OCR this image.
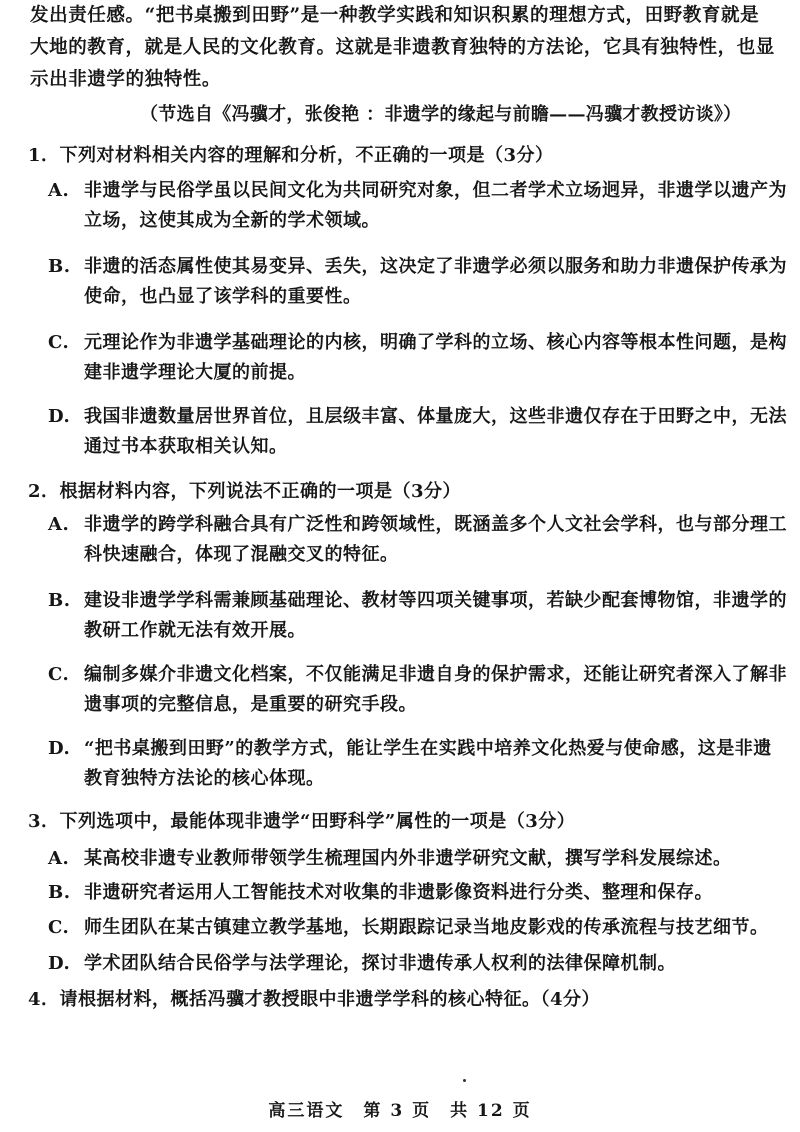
发出责任感。“把书桌搬到田野”是一种教学实践和知识积累的理想方式，田野教育就是

大地的教育，就是人民的文化教育。这就是非遗教育独特的方法论，它具有独特性，也显

示出非遗学的独特性。

（节选自《冯骥才，张俊艳 ：非遗学的缘起与前瞻——冯骥才教授访谈》）
1．下列对材料相关内容的理解和分析，不正确的一项是（3分）
A. 非遗学与民俗学虽以民间文化为共同研究对象，但二者学术立场迥异，非遗学以遗产为立场，这使其成为全新的学术领域。
B. 非遗的活态属性使其易变异、丢失，这决定了非遗学必须以服务和助力非遗保护传承为使命，也凸显了该学科的重要性。
C. 元理论作为非遗学基础理论的内核，明确了学科的立场、核心内容等根本性问题，是构建非遗学理论大厦的前提。
D. 我国非遗数量居世界首位，且层级丰富、体量庞大，这些非遗仅存在于田野之中，无法通过书本获取相关认知。
2．根据材料内容，下列说法不正确的一项是（3分）
A. 非遗学的跨学科融合具有广泛性和跨领域性，既涵盖多个人文社会学科，也与部分理工科快速融合，体现了混融交叉的特征。
B. 建设非遗学学科需兼顾基础理论、教材等四项关键事项，若缺少配套博物馆，非遗学的教研工作就无法有效开展。
C. 编制多媒介非遗文化档案，不仅能满足非遗自身的保护需求，还能让研究者深入了解非遗事项的完整信息，是重要的研究手段。
D. “把书桌搬到田野”的教学方式，能让学生在实践中培养文化热爱与使命感，这是非遗教育独特方法论的核心体现。
3．下列选项中，最能体现非遗学“田野科学”属性的一项是（3分）
A. 某高校非遗专业教师带领学生梳理国内外非遗学研究文献，撰写学科发展综述。
B. 非遗研究者运用人工智能技术对收集的非遗影像资料进行分类、整理和保存。
C. 师生团队在某古镇建立教学基地，长期跟踪记录当地皮影戏的传承流程与技艺细节。
D. 学术团队结合民俗学与法学理论，探讨非遗传承人权利的法律保障机制。
4．请根据材料，概括冯骥才教授眼中非遗学学科的核心特征。（4分）
高三语文　第 3 页　共 12 页
